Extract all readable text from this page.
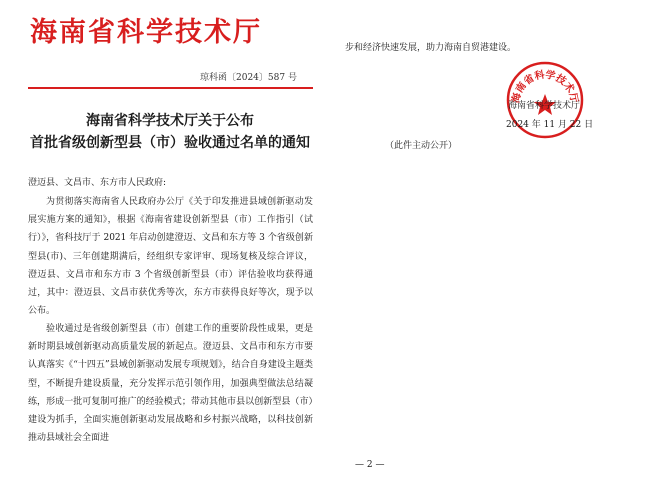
海南省科学技术厅
琼科函〔2024〕587 号
海南省科学技术厅关于公布
首批省级创新型县（市）验收通过名单的通知
澄迈县、文昌市、东方市人民政府:
为贯彻落实海南省人民政府办公厅《关于印发推进县域创新驱动发展实施方案的通知》，根据《海南省建设创新型县（市）工作指引（试行）》，省科技厅于 2021 年启动创建澄迈、文昌和东方等 3 个省级创新型县(市)、三年创建期满后，经组织专家评审、现场复核及综合评议，澄迈县、文昌市和东方市 3 个省级创新型县（市）评估验收均获得通过，其中：澄迈县、文昌市获优秀等次，东方市获得良好等次，现予以公布。
验收通过是省级创新型县（市）创建工作的重要阶段性成果，更是新时期县域创新驱动高质量发展的新起点。澄迈县、文昌市和东方市要认真落实《“十四五”县域创新驱动发展专项规划》，结合自身建设主题类型，不断提升建设质量，充分发挥示范引领作用，加强典型做法总结凝练，形成一批可复制可推广的经验模式；带动其他市县以创新型县（市）建设为抓手，全面实施创新驱动发展战略和乡村振兴战略，以科技创新推动县域社会全面进
步和经济快速发展，助力海南自贸港建设。
海南省科学技术厅
海南省科学技术厅
2024 年 11 月 22 日
（此件主动公开）
— 2 —
